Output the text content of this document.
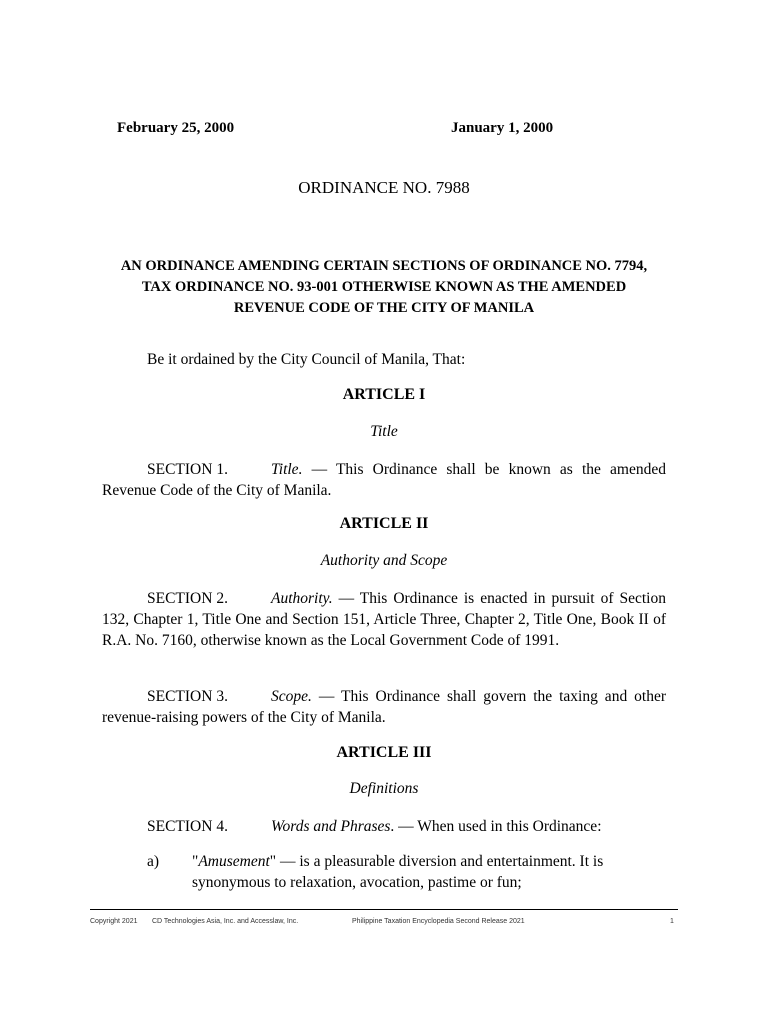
February 25, 2000	January 1, 2000
ORDINANCE NO. 7988
AN ORDINANCE AMENDING CERTAIN SECTIONS OF ORDINANCE NO. 7794,
TAX ORDINANCE NO. 93-001 OTHERWISE KNOWN AS THE AMENDED
REVENUE CODE OF THE CITY OF MANILA
Be it ordained by the City Council of Manila, That:
ARTICLE I
Title
SECTION 1.	Title. — This Ordinance shall be known as the amended Revenue Code of the City of Manila.
ARTICLE II
Authority and Scope
SECTION 2.	Authority. — This Ordinance is enacted in pursuit of Section 132, Chapter 1, Title One and Section 151, Article Three, Chapter 2, Title One, Book II of R.A. No. 7160, otherwise known as the Local Government Code of 1991.
SECTION 3.	Scope. — This Ordinance shall govern the taxing and other revenue-raising powers of the City of Manila.
ARTICLE III
Definitions
SECTION 4.	Words and Phrases. — When used in this Ordinance:
a) "Amusement" — is a pleasurable diversion and entertainment. It is synonymous to relaxation, avocation, pastime or fun;
Copyright 2021 CD Technologies Asia, Inc. and Accesslaw, Inc.	Philippine Taxation Encyclopedia Second Release 2021	1
